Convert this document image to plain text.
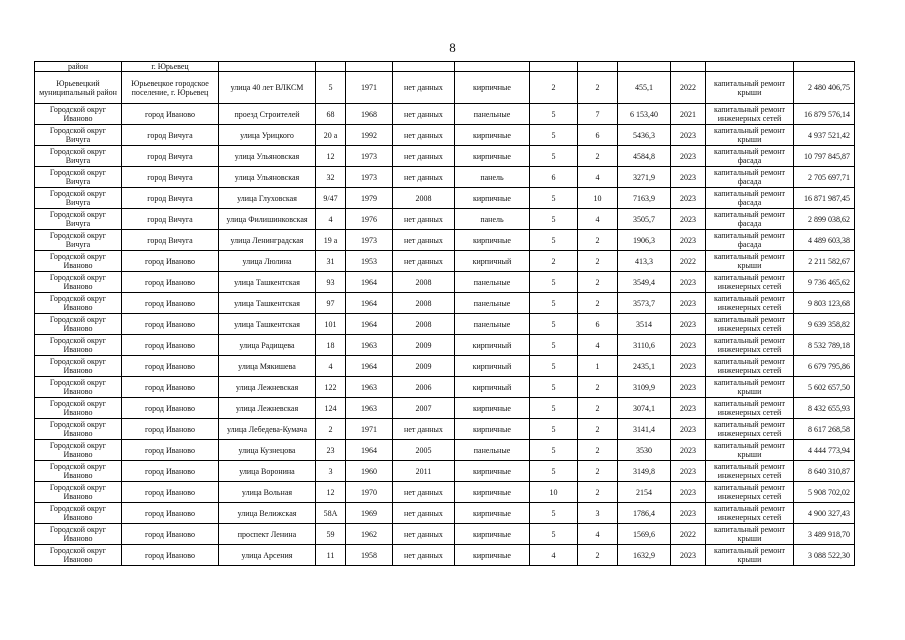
8
район	г. Юрьевец											
Юрьевецкий муниципальный район	Юрьевецкое городское поселение, г. Юрьевец	улица 40 лет ВЛКСМ	5	1971	нет данных	кирпичные	2	2	455,1	2022	капитальный ремонт крыши	2 480 406,75
Городской округ Иваново	город Иваново	проезд Строителей	68	1968	нет данных	панельные	5	7	6 153,40	2021	капитальный ремонт инженерных сетей	16 879 576,14
Городской округ Вичуга	город Вичуга	улица Урицкого	20 а	1992	нет данных	кирпичные	5	6	5436,3	2023	капитальный ремонт крыши	4 937 521,42
Городской округ Вичуга	город Вичуга	улица Ульяновская	12	1973	нет данных	кирпичные	5	2	4584,8	2023	капитальный ремонт фасада	10 797 845,87
Городской округ Вичуга	город Вичуга	улица Ульяновская	32	1973	нет данных	панель	6	4	3271,9	2023	капитальный ремонт фасада	2 705 697,71
Городской округ Вичуга	город Вичуга	улица Глуховская	9/47	1979	2008	кирпичные	5	10	7163,9	2023	капитальный ремонт фасада	16 871 987,45
Городской округ Вичуга	город Вичуга	улица Филишинковская	4	1976	нет данных	панель	5	4	3505,7	2023	капитальный ремонт фасада	2 899 038,62
Городской округ Вичуга	город Вичуга	улица Ленинградская	19 а	1973	нет данных	кирпичные	5	2	1906,3	2023	капитальный ремонт фасада	4 489 603,38
Городской округ Иваново	город Иваново	улица Люлина	31	1953	нет данных	кирпичный	2	2	413,3	2022	капитальный ремонт крыши	2 211 582,67
Городской округ Иваново	город Иваново	улица Ташкентская	93	1964	2008	панельные	5	2	3549,4	2023	капитальный ремонт инженерных сетей	9 736 465,62
Городской округ Иваново	город Иваново	улица Ташкентская	97	1964	2008	панельные	5	2	3573,7	2023	капитальный ремонт инженерных сетей	9 803 123,68
Городской округ Иваново	город Иваново	улица Ташкентская	101	1964	2008	панельные	5	6	3514	2023	капитальный ремонт инженерных сетей	9 639 358,82
Городской округ Иваново	город Иваново	улица Радищева	18	1963	2009	кирпичный	5	4	3110,6	2023	капитальный ремонт инженерных сетей	8 532 789,18
Городской округ Иваново	город Иваново	улица Мякишева	4	1964	2009	кирпичный	5	1	2435,1	2023	капитальный ремонт инженерных сетей	6 679 795,86
Городской округ Иваново	город Иваново	улица Лежневская	122	1963	2006	кирпичный	5	2	3109,9	2023	капитальный ремонт крыши	5 602 657,50
Городской округ Иваново	город Иваново	улица Лежневская	124	1963	2007	кирпичные	5	2	3074,1	2023	капитальный ремонт инженерных сетей	8 432 655,93
Городской округ Иваново	город Иваново	улица Лебедева-Кумача	2	1971	нет данных	кирпичные	5	2	3141,4	2023	капитальный ремонт инженерных сетей	8 617 268,58
Городской округ Иваново	город Иваново	улица Кузнецова	23	1964	2005	панельные	5	2	3530	2023	капитальный ремонт крыши	4 444 773,94
Городской округ Иваново	город Иваново	улица Воронина	3	1960	2011	кирпичные	5	2	3149,8	2023	капитальный ремонт инженерных сетей	8 640 310,87
Городской округ Иваново	город Иваново	улица Вольная	12	1970	нет данных	кирпичные	10	2	2154	2023	капитальный ремонт инженерных сетей	5 908 702,02
Городской округ Иваново	город Иваново	улица Велижская	58А	1969	нет данных	кирпичные	5	3	1786,4	2023	капитальный ремонт инженерных сетей	4 900 327,43
Городской округ Иваново	город Иваново	проспект Ленина	59	1962	нет данных	кирпичные	5	4	1569,6	2022	капитальный ремонт крыши	3 489 918,70
Городской округ Иваново	город Иваново	улица Арсения	11	1958	нет данных	кирпичные	4	2	1632,9	2023	капитальный ремонт крыши	3 088 522,30
